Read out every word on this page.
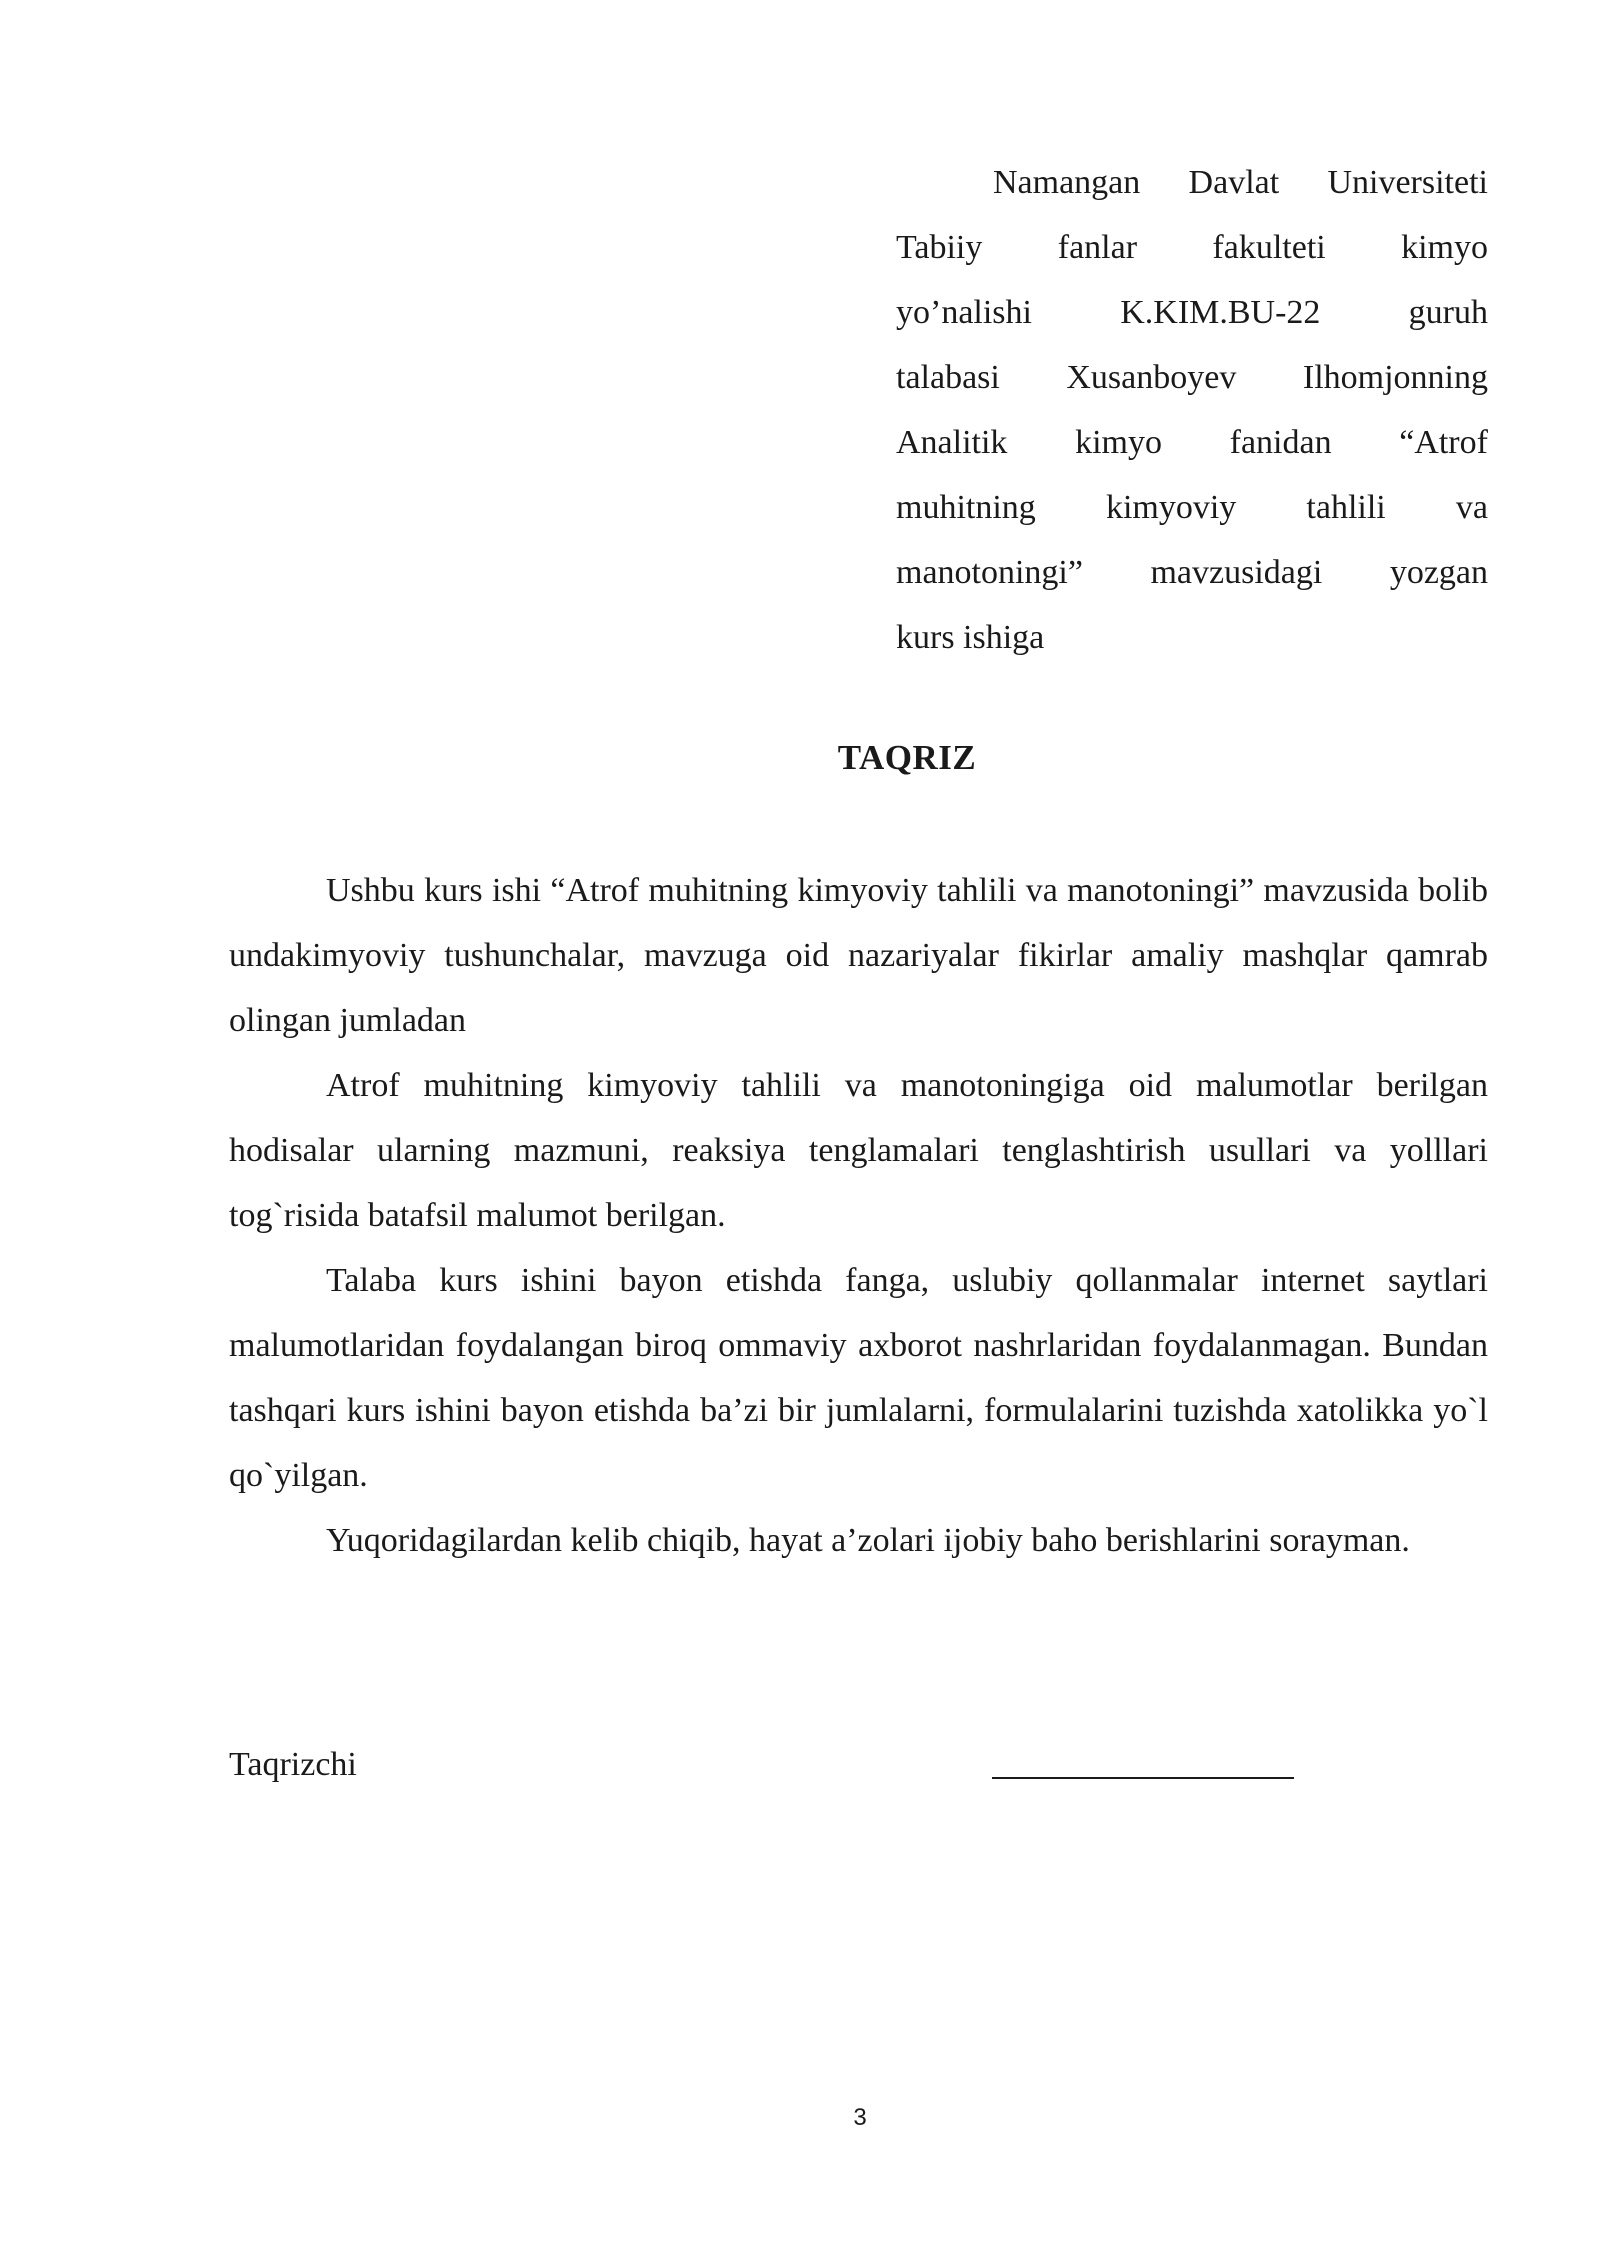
Namangan Davlat Universiteti
Tabiiy fanlar fakulteti kimyo
yo’nalishi	K.KIM.BU-22	guruh
talabasi Xusanboyev Ilhomjonning
Analitik kimyo fanidan “Atrof
muhitning kimyoviy tahlili va
manotoningi” mavzusidagi yozgan
kurs ishiga
TAQRIZ

Ushbu kurs ishi “Atrof muhitning kimyoviy tahlili va manotoningi” mavzusida bolib undakimyoviy tushunchalar, mavzuga oid nazariyalar fikirlar amaliy mashqlar qamrab olingan jumladan

Atrof muhitning kimyoviy tahlili va manotoningiga oid malumotlar berilgan hodisalar ularning mazmuni, reaksiya tenglamalari tenglashtirish usullari va yolllari tog`risida batafsil malumot berilgan.

Talaba kurs ishini bayon etishda fanga, uslubiy qollanmalar internet saytlari malumotlaridan foydalangan biroq ommaviy axborot nashrlaridan foydalanmagan. Bundan tashqari kurs ishini bayon etishda ba’zi bir jumlalarni, formulalarini tuzishda xatolikka yo`l qo`yilgan.

Yuqoridagilardan kelib chiqib, hayat a’zolari ijobiy baho berishlarini sorayman.

Taqrizchi
3
